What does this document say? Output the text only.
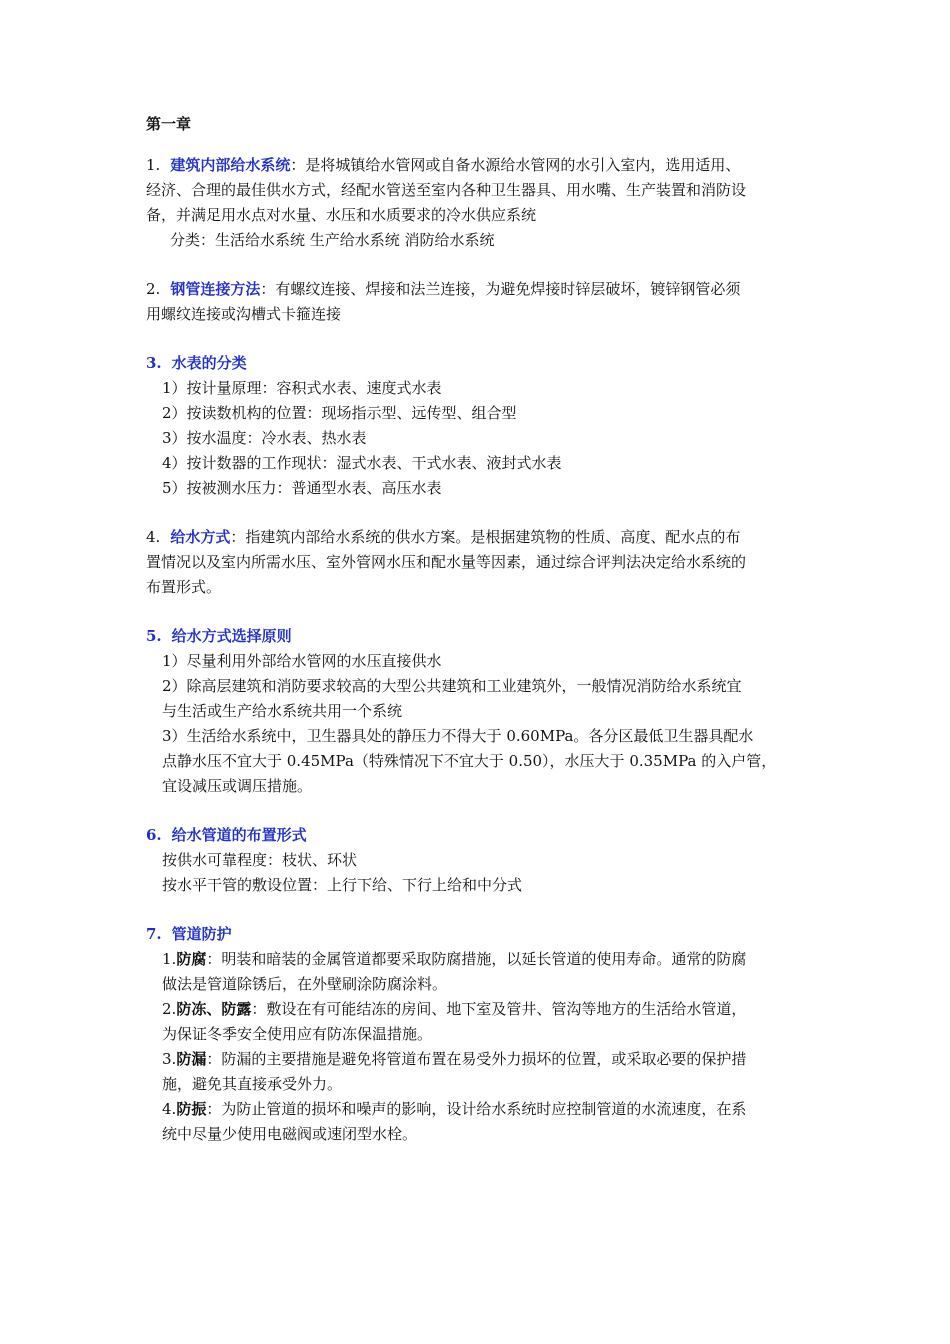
第一章
1. 建筑内部给水系统：是将城镇给水管网或自备水源给水管网的水引入室内，选用适用、
经济、合理的最佳供水方式，经配水管送至室内各种卫生器具、用水嘴、生产装置和消防设
备，并满足用水点对水量、水压和水质要求的冷水供应系统
分类：生活给水系统 生产给水系统 消防给水系统
2. 钢管连接方法：有螺纹连接、焊接和法兰连接，为避免焊接时锌层破坏，镀锌钢管必须
用螺纹连接或沟槽式卡箍连接
3. 水表的分类
1）按计量原理：容积式水表、速度式水表
2）按读数机构的位置：现场指示型、远传型、组合型
3）按水温度：冷水表、热水表
4）按计数器的工作现状：湿式水表、干式水表、液封式水表
5）按被测水压力：普通型水表、高压水表
4. 给水方式：指建筑内部给水系统的供水方案。是根据建筑物的性质、高度、配水点的布
置情况以及室内所需水压、室外管网水压和配水量等因素，通过综合评判法决定给水系统的
布置形式。
5. 给水方式选择原则
1）尽量利用外部给水管网的水压直接供水
2）除高层建筑和消防要求较高的大型公共建筑和工业建筑外，一般情况消防给水系统宜
与生活或生产给水系统共用一个系统
3）生活给水系统中，卫生器具处的静压力不得大于 0.60MPa。各分区最低卫生器具配水
点静水压不宜大于 0.45MPa（特殊情况下不宜大于 0.50），水压大于 0.35MPa 的入户管，
宜设减压或调压措施。
6. 给水管道的布置形式
按供水可靠程度：枝状、环状
按水平干管的敷设位置：上行下给、下行上给和中分式
7. 管道防护
1.防腐：明装和暗装的金属管道都要采取防腐措施，以延长管道的使用寿命。通常的防腐
做法是管道除锈后，在外壁刷涂防腐涂料。
2.防冻、防露：敷设在有可能结冻的房间、地下室及管井、管沟等地方的生活给水管道，
为保证冬季安全使用应有防冻保温措施。
3.防漏：防漏的主要措施是避免将管道布置在易受外力损坏的位置，或采取必要的保护措
施，避免其直接承受外力。
4.防振：为防止管道的损坏和噪声的影响，设计给水系统时应控制管道的水流速度，在系
统中尽量少使用电磁阀或速闭型水栓。
